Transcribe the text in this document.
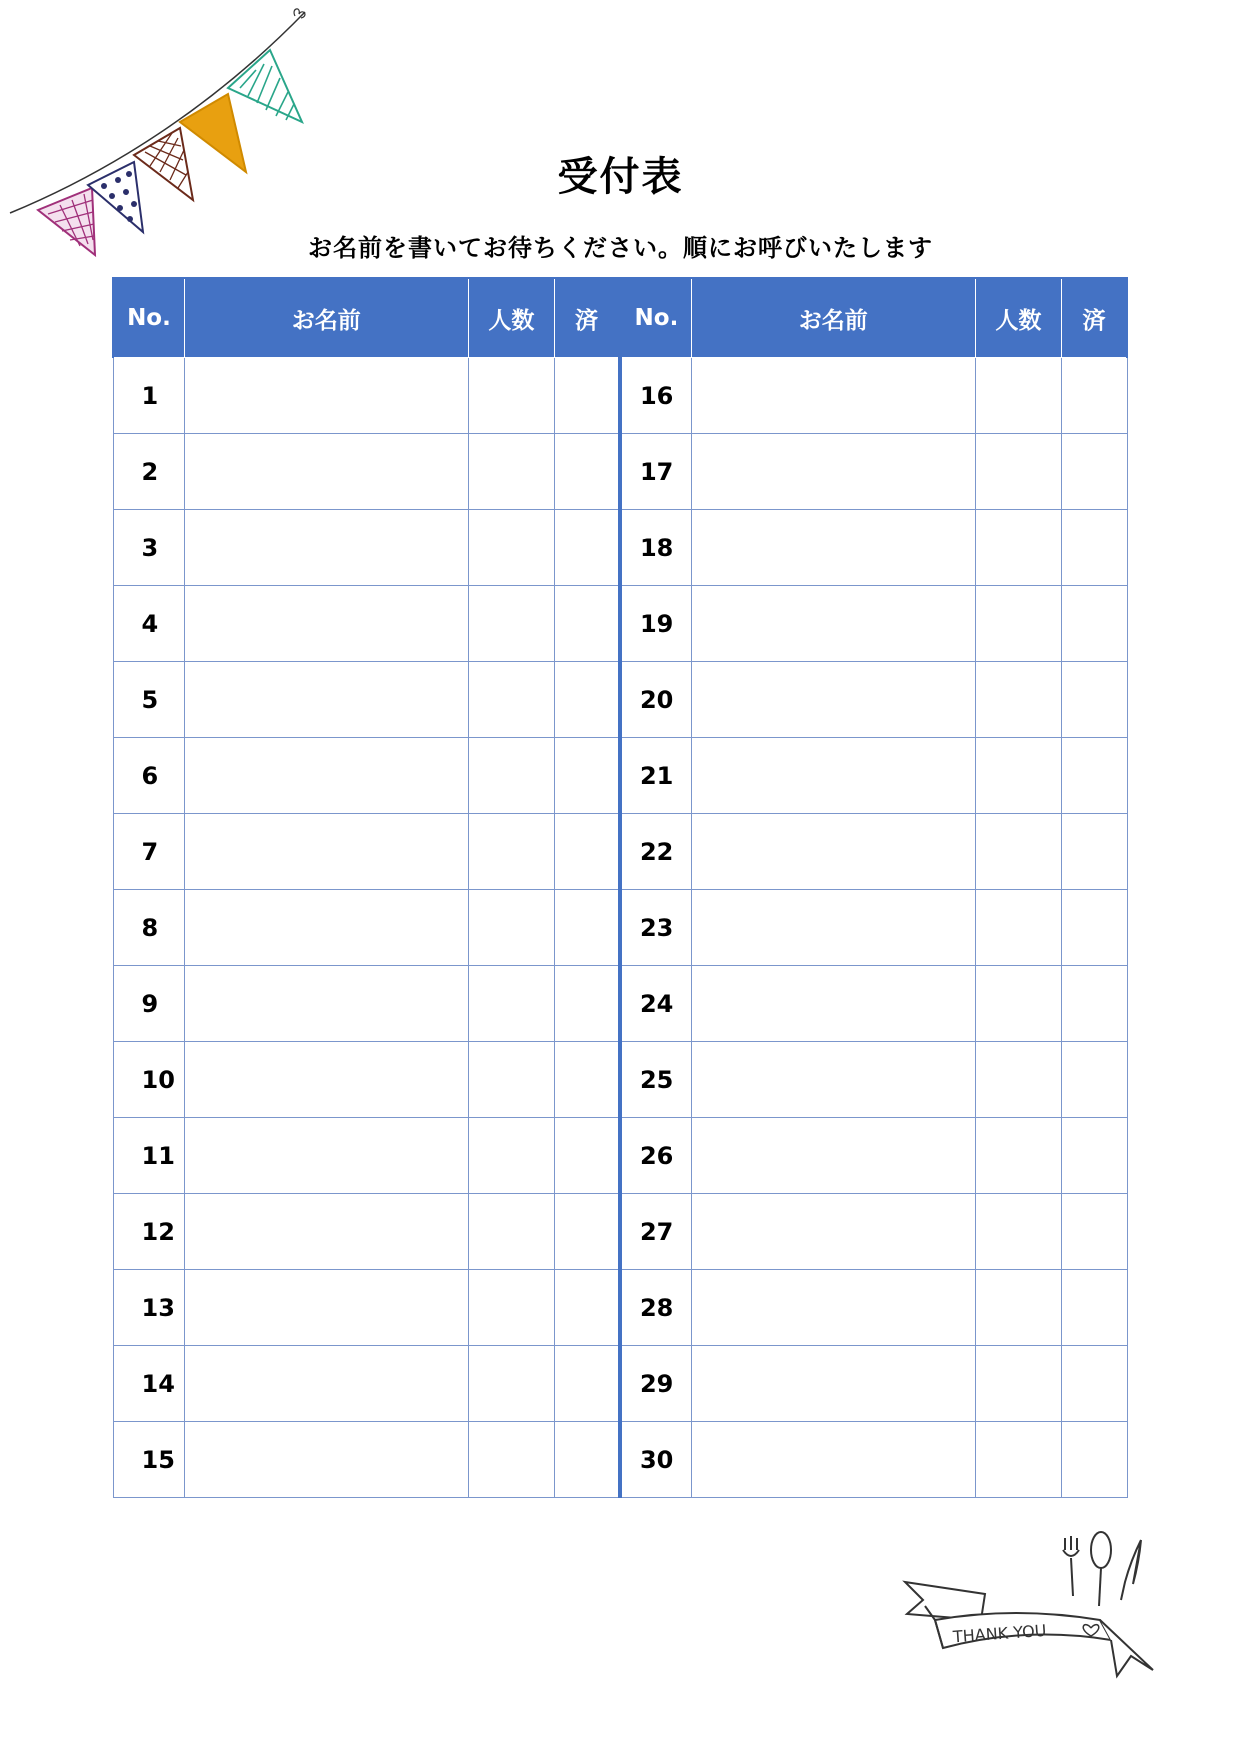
受付表
お名前を書いてお待ちください。順にお呼びいたします
No.	お名前	人数	済	No.	お名前	人数	済
1				16			
2				17			
3				18			
4				19			
5				20			
6				21			
7				22			
8				23			
9				24			
10				25			
11				26			
12				27			
13				28			
14				29			
15				30			
THANK YOU
